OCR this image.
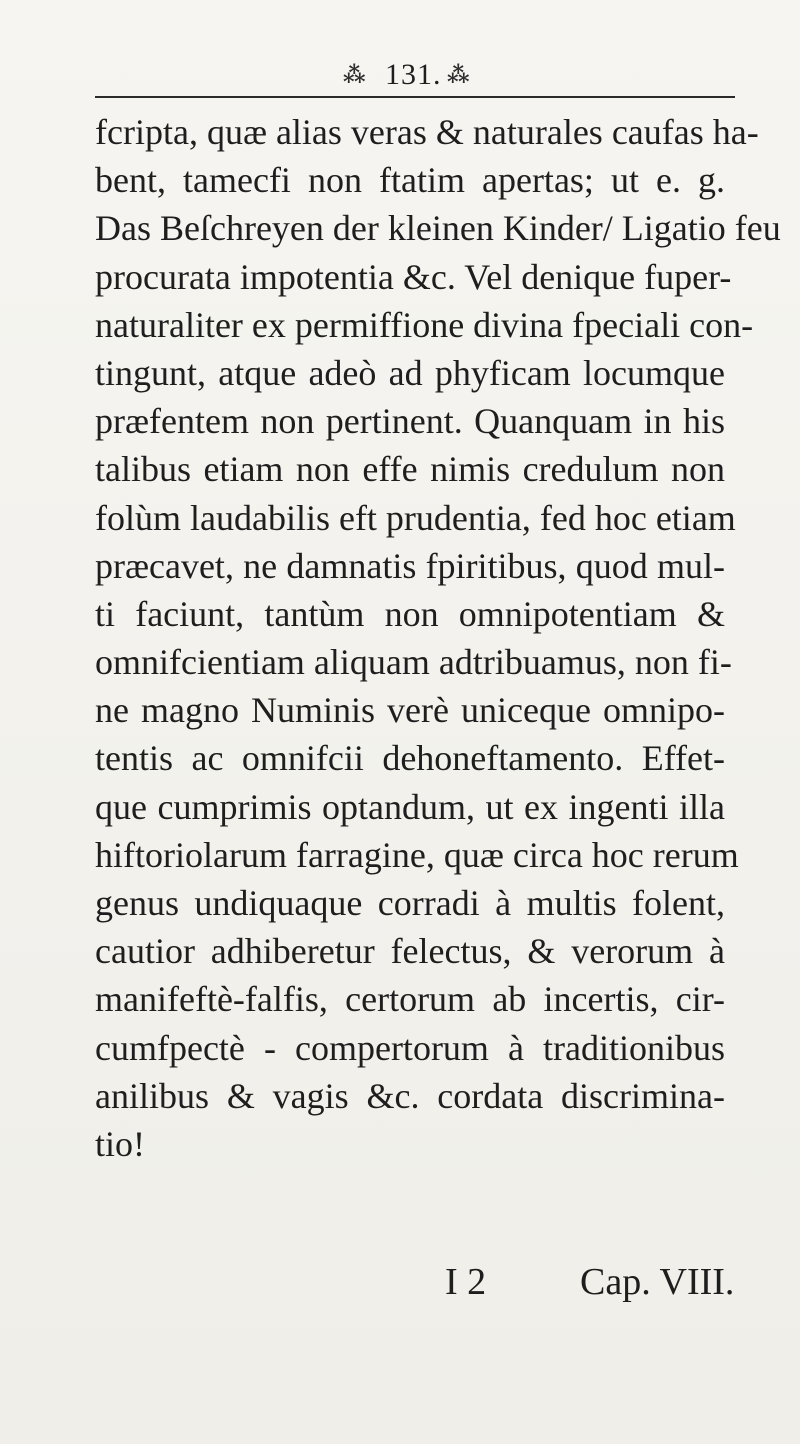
⁂ 131. ⁂
fcripta, quæ alias veras & naturales caufas ha-
bent, tamecfi non ftatim apertas; ut e. g.
Das Beſchreyen der kleinen Kinder/ Ligatio feu
procurata impotentia &c. Vel denique fuper-
naturaliter ex permiffione divina fpeciali con-
tingunt, atque adeò ad phyficam locumque
præfentem non pertinent. Quanquam in his
talibus etiam non effe nimis credulum non
folùm laudabilis eft prudentia, fed hoc etiam
præcavet, ne damnatis fpiritibus, quod mul-
ti faciunt, tantùm non omnipotentiam &
omnifcientiam aliquam adtribuamus, non fi-
ne magno Numinis verè uniceque omnipo-
tentis ac omnifcii dehoneftamento. Effet-
que cumprimis optandum, ut ex ingenti illa
hiftoriolarum farragine, quæ circa hoc rerum
genus undiquaque corradi à multis folent,
cautior adhiberetur felectus, & verorum à
manifeftè-falfis, certorum ab incertis, cir-
cumfpectè - compertorum à traditionibus
anilibus & vagis &c. cordata discrimina-
tio!
I 2 Cap. VIII.
